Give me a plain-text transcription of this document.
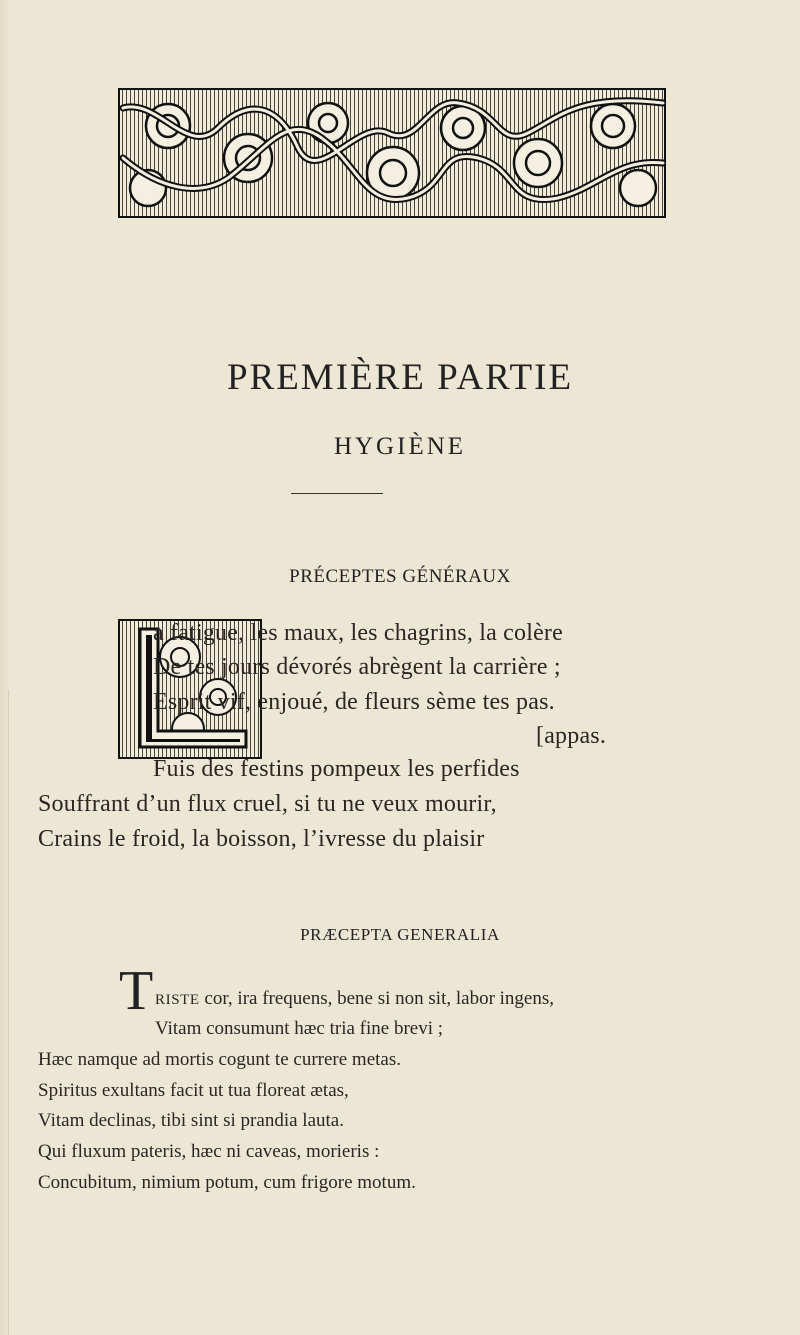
PREMIÈRE PARTIE
HYGIÈNE
PRÉCEPTES GÉNÉRAUX
a fatigue, les maux, les chagrins, la colère
De tes jours dévorés abrègent la carrière ;
Esprit vif, enjoué, de fleurs sème tes pas.
[appas.
Fuis des festins pompeux les perfides
Souffrant d’un flux cruel, si tu ne veux mourir,
Crains le froid, la boisson, l’ivresse du plaisir
PRÆCEPTA GENERALIA
T RISTE cor, ira frequens, bene si non sit, labor ingens,
Vitam consumunt hæc tria fine brevi ;
Hæc namque ad mortis cogunt te currere metas.
Spiritus exultans facit ut tua floreat ætas,
Vitam declinas, tibi sint si prandia lauta.
Qui fluxum pateris, hæc ni caveas, morieris :
Concubitum, nimium potum, cum frigore motum.
